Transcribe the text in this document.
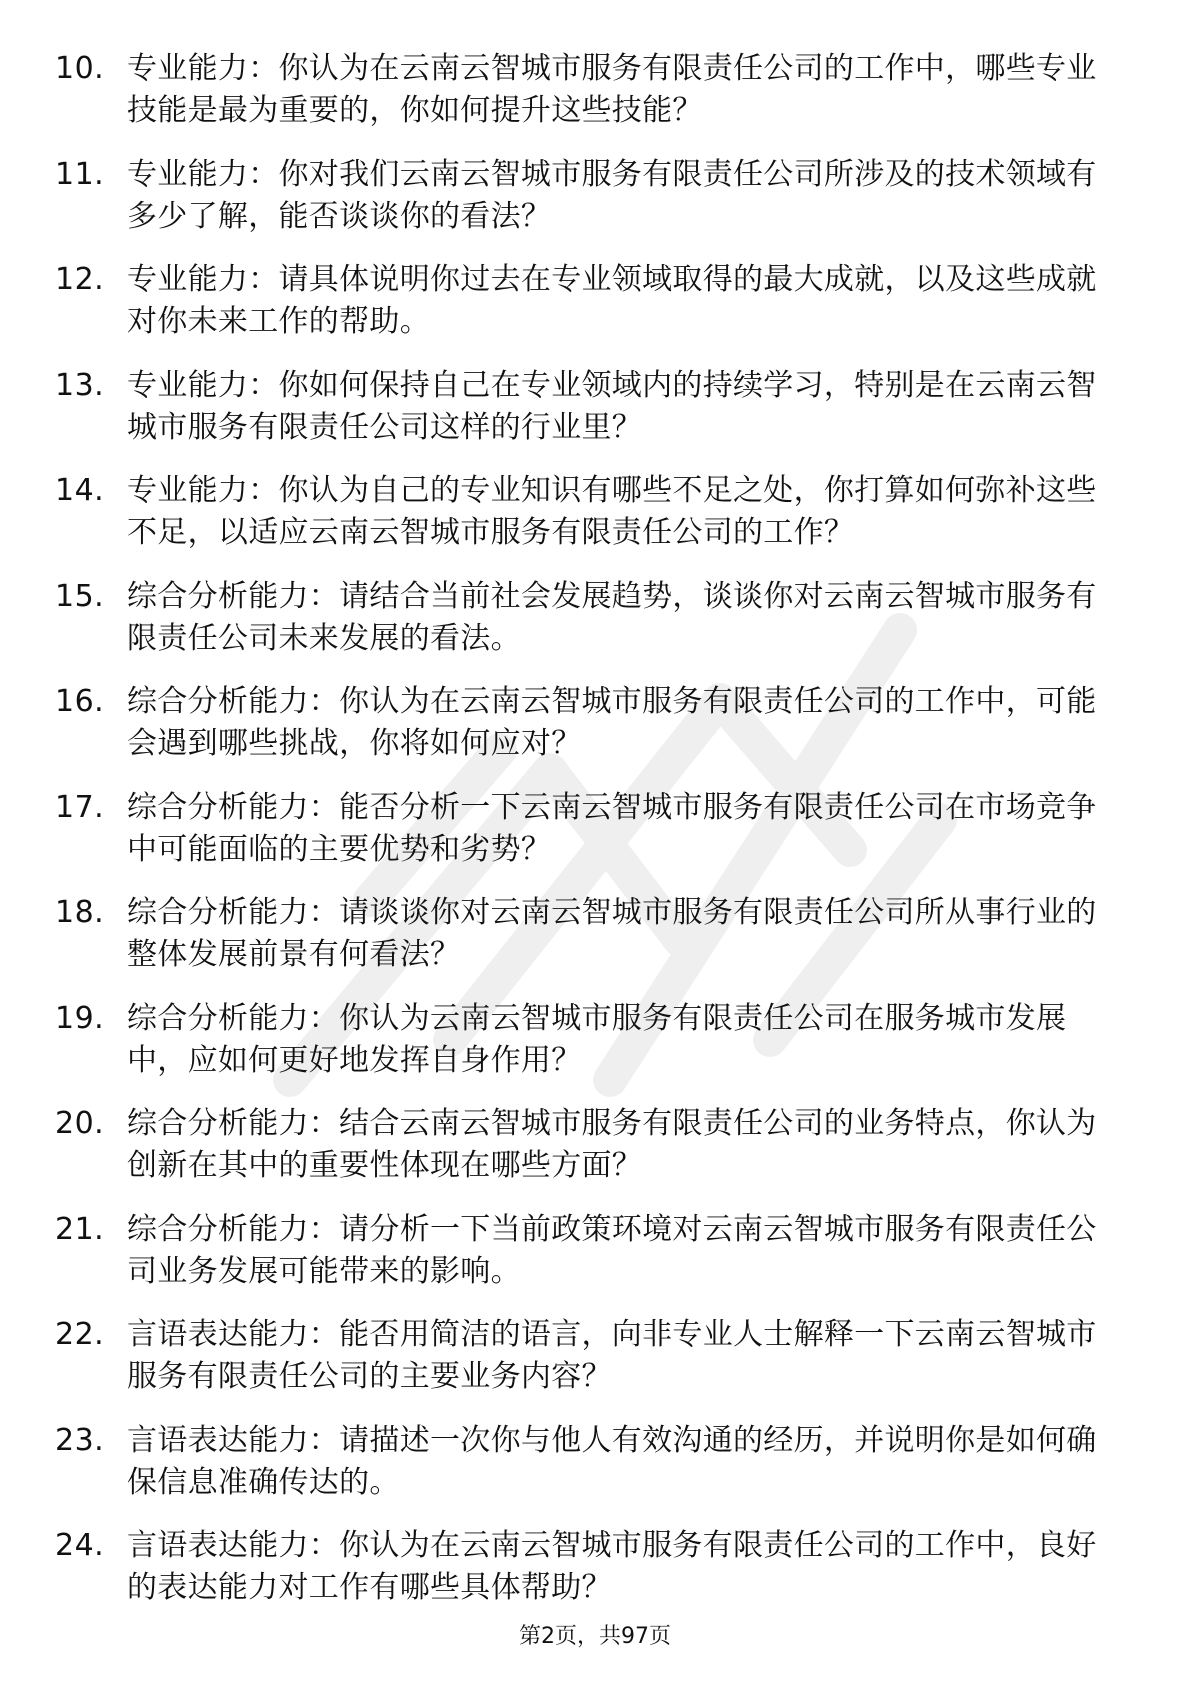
10. 专业能力：你认为在云南云智城市服务有限责任公司的工作中，哪些专业技能是最为重要的，你如何提升这些技能？
11. 专业能力：你对我们云南云智城市服务有限责任公司所涉及的技术领域有多少了解，能否谈谈你的看法？
12. 专业能力：请具体说明你过去在专业领域取得的最大成就，以及这些成就对你未来工作的帮助。
13. 专业能力：你如何保持自己在专业领域内的持续学习，特别是在云南云智城市服务有限责任公司这样的行业里？
14. 专业能力：你认为自己的专业知识有哪些不足之处，你打算如何弥补这些不足，以适应云南云智城市服务有限责任公司的工作？
15. 综合分析能力：请结合当前社会发展趋势，谈谈你对云南云智城市服务有限责任公司未来发展的看法。
16. 综合分析能力：你认为在云南云智城市服务有限责任公司的工作中，可能会遇到哪些挑战，你将如何应对？
17. 综合分析能力：能否分析一下云南云智城市服务有限责任公司在市场竞争中可能面临的主要优势和劣势？
18. 综合分析能力：请谈谈你对云南云智城市服务有限责任公司所从事行业的整体发展前景有何看法？
19. 综合分析能力：你认为云南云智城市服务有限责任公司在服务城市发展中，应如何更好地发挥自身作用？
20. 综合分析能力：结合云南云智城市服务有限责任公司的业务特点，你认为创新在其中的重要性体现在哪些方面？
21. 综合分析能力：请分析一下当前政策环境对云南云智城市服务有限责任公司业务发展可能带来的影响。
22. 言语表达能力：能否用简洁的语言，向非专业人士解释一下云南云智城市服务有限责任公司的主要业务内容？
23. 言语表达能力：请描述一次你与他人有效沟通的经历，并说明你是如何确保信息准确传达的。
24. 言语表达能力：你认为在云南云智城市服务有限责任公司的工作中，良好的表达能力对工作有哪些具体帮助？
第2页，共97页
